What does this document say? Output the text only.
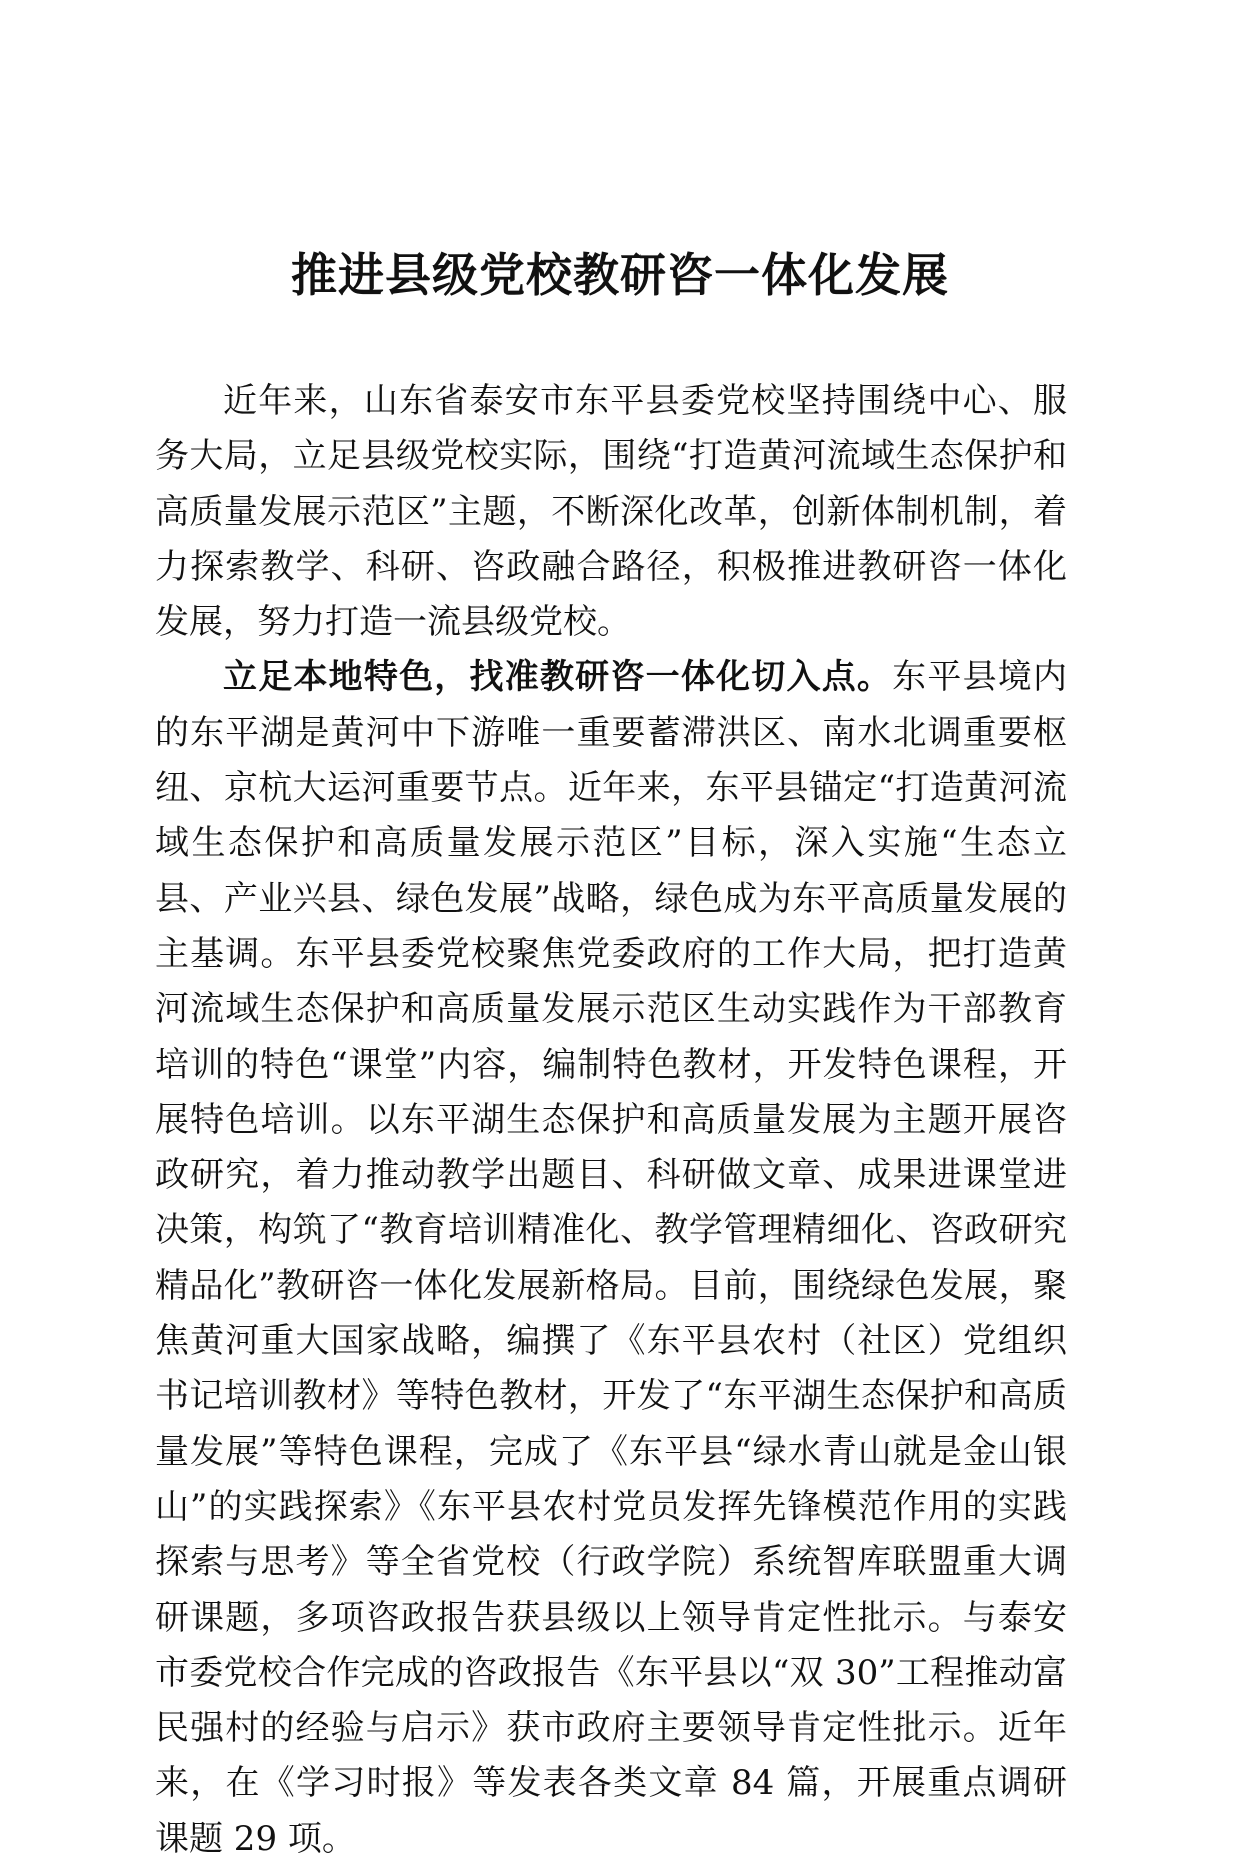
推进县级党校教研咨一体化发展

近年来，山东省泰安市东平县委党校坚持围绕中心、服务大局，立足县级党校实际，围绕“打造黄河流域生态保护和高质量发展示范区”主题，不断深化改革，创新体制机制，着力探索教学、科研、咨政融合路径，积极推进教研咨一体化发展，努力打造一流县级党校。

立足本地特色，找准教研咨一体化切入点。东平县境内的东平湖是黄河中下游唯一重要蓄滞洪区、南水北调重要枢纽、京杭大运河重要节点。近年来，东平县锚定“打造黄河流域生态保护和高质量发展示范区”目标，深入实施“生态立县、产业兴县、绿色发展”战略，绿色成为东平高质量发展的主基调。东平县委党校聚焦党委政府的工作大局，把打造黄河流域生态保护和高质量发展示范区生动实践作为干部教育培训的特色“课堂”内容，编制特色教材，开发特色课程，开展特色培训。以东平湖生态保护和高质量发展为主题开展咨政研究，着力推动教学出题目、科研做文章、成果进课堂进决策，构筑了“教育培训精准化、教学管理精细化、咨政研究精品化”教研咨一体化发展新格局。目前，围绕绿色发展，聚焦黄河重大国家战略，编撰了《东平县农村（社区）党组织书记培训教材》等特色教材，开发了“东平湖生态保护和高质量发展”等特色课程，完成了《东平县“绿水青山就是金山银山”的实践探索》《东平县农村党员发挥先锋模范作用的实践探索与思考》等全省党校（行政学院）系统智库联盟重大调研课题，多项咨政报告获县级以上领导肯定性批示。与泰安市委党校合作完成的咨政报告《东平县以“双 30”工程推动富民强村的经验与启示》获市政府主要领导肯定性批示。近年来，在《学习时报》等发表各类文章 84 篇，开展重点调研课题 29 项。
